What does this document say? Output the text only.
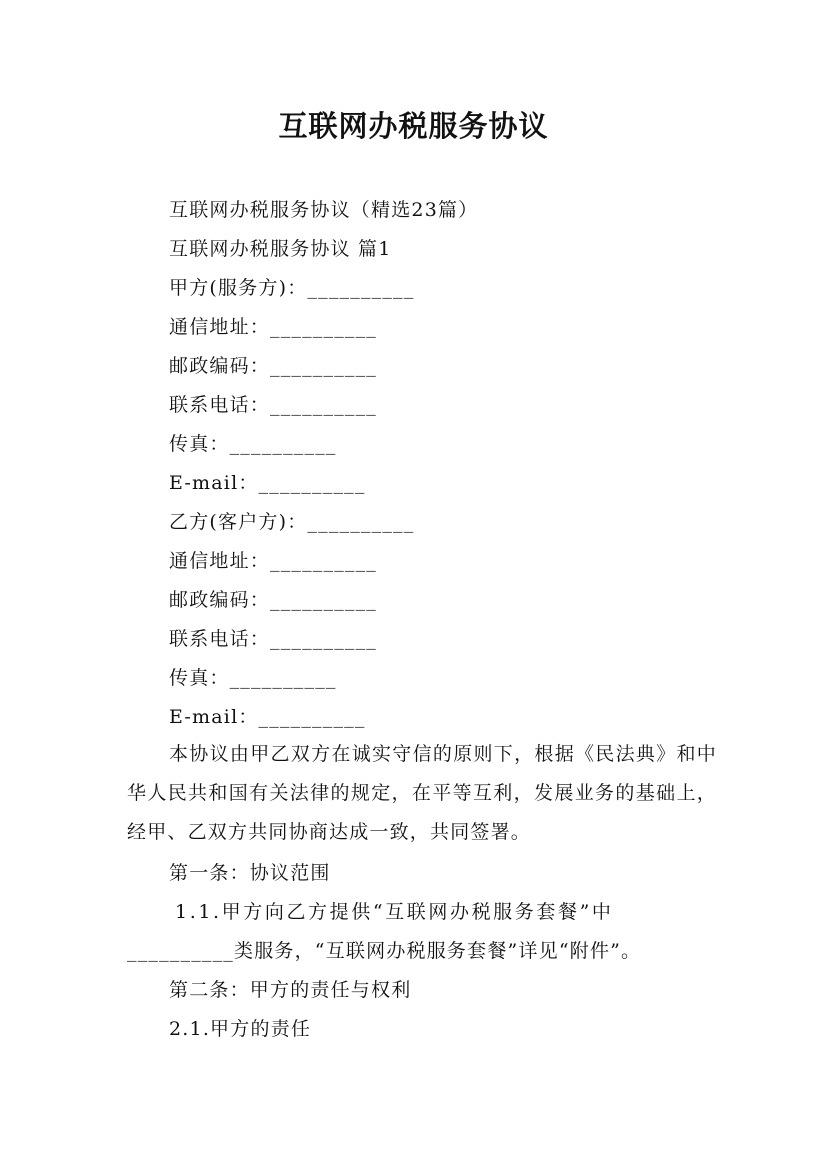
互联网办税服务协议
互联网办税服务协议（精选23篇）
互联网办税服务协议 篇1
甲方(服务方)：__________
通信地址：__________
邮政编码：__________
联系电话：__________
传真：__________
E-mail：__________
乙方(客户方)：__________
通信地址：__________
邮政编码：__________
联系电话：__________
传真：__________
E-mail：__________
本协议由甲乙双方在诚实守信的原则下，根据《民法典》和中华人民共和国有关法律的规定，在平等互利，发展业务的基础上，经甲、乙双方共同协商达成一致，共同签署。
第一条：协议范围
1.1.甲方向乙方提供“互联网办税服务套餐”中
__________类服务，“互联网办税服务套餐”详见“附件”。
第二条：甲方的责任与权利
2.1.甲方的责任
